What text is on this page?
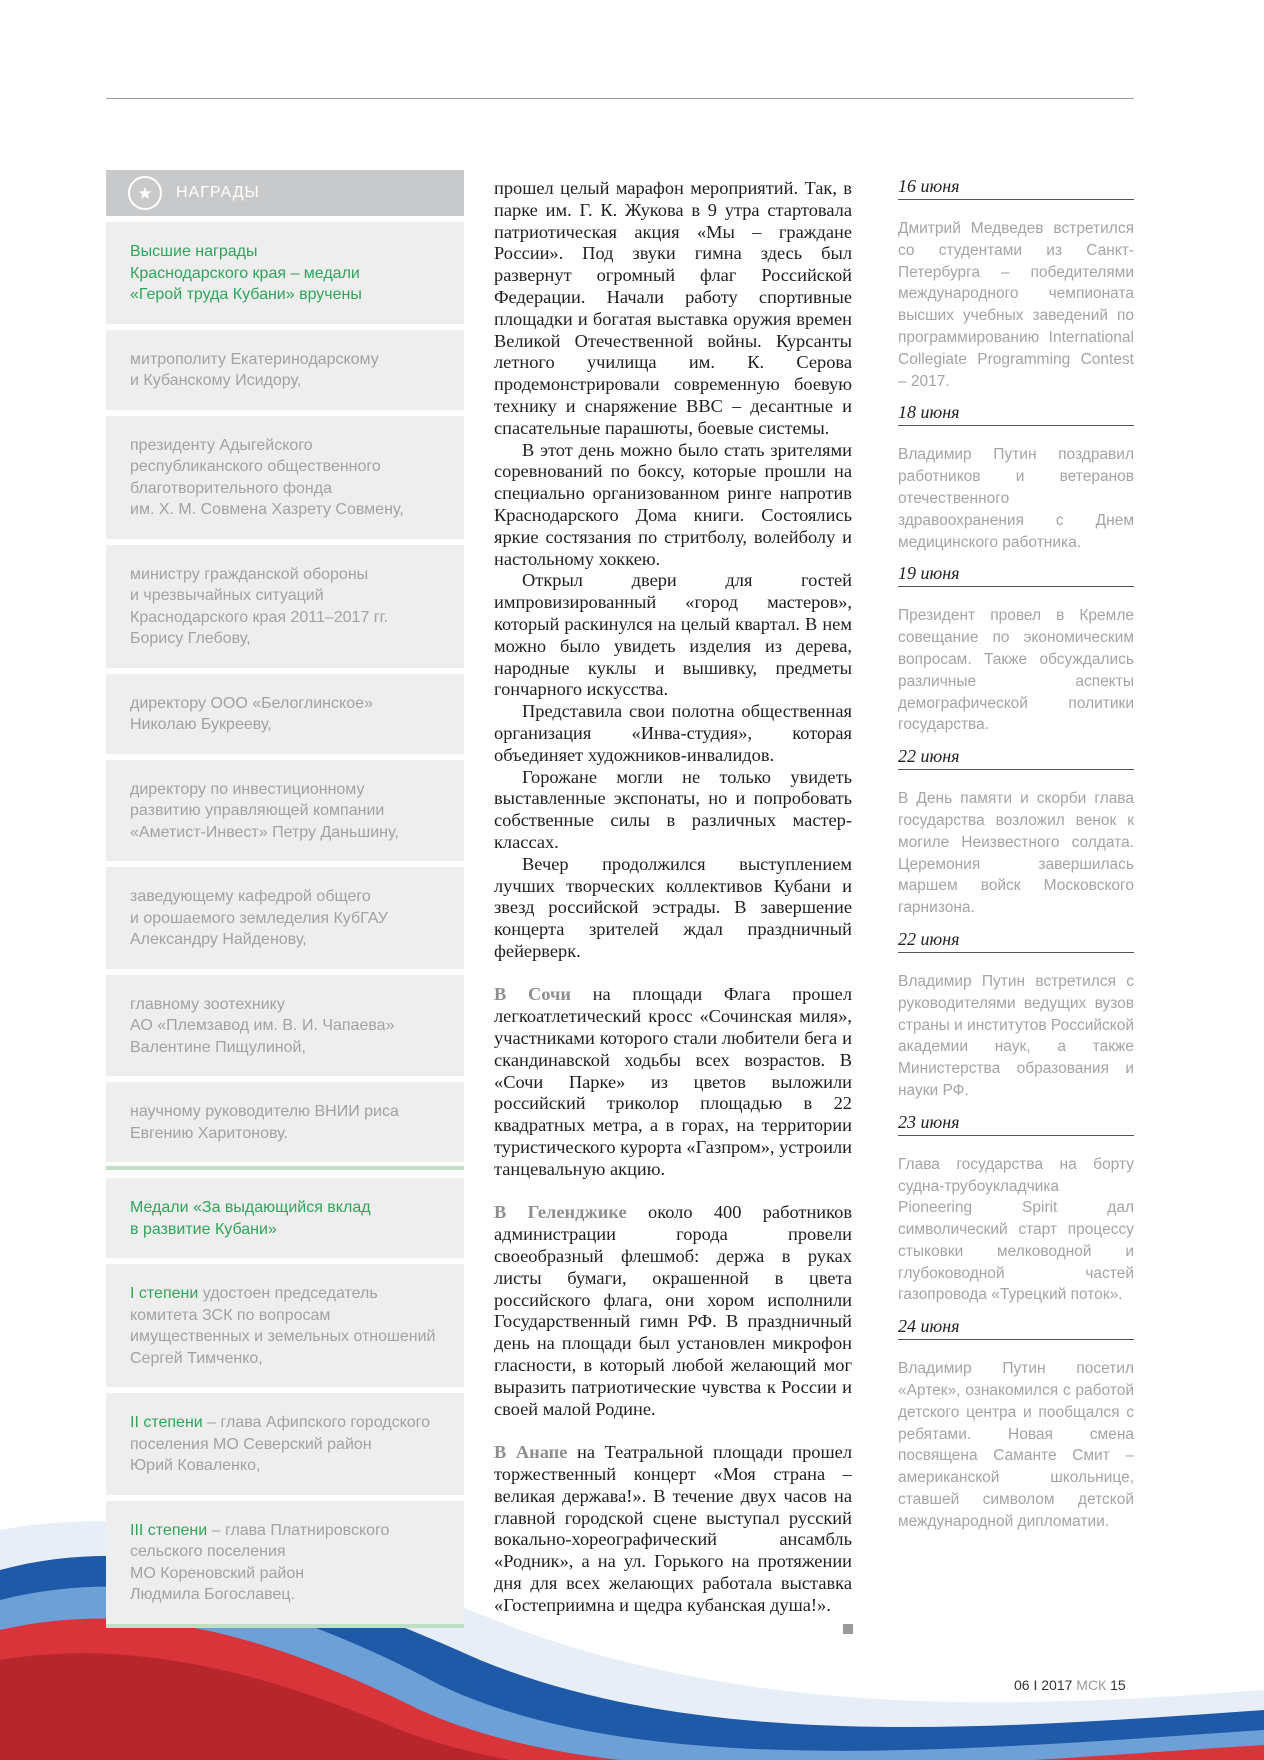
★	НАГРАДЫ
Высшие награды
Краснодарского края – медали
«Герой труда Кубани» вручены
митрополиту Екатеринодарскому
и Кубанскому Исидору,
президенту Адыгейского
республиканского общественного
благотворительного фонда
им. Х. М. Совмена Хазрету Совмену,
министру гражданской обороны
и чрезвычайных ситуаций
Краснодарского края 2011–2017 гг.
Борису Глебову,
директору ООО «Белоглинское»
Николаю Букрееву,
директору по инвестиционному
развитию управляющей компании
«Аметист-Инвест» Петру Даньшину,
заведующему кафедрой общего
и орошаемого земледелия КубГАУ
Александру Найденову,
главному зоотехнику
АО «Племзавод им. В. И. Чапаева»
Валентине Пищулиной,
научному руководителю ВНИИ риса
Евгению Харитонову.
Медали «За выдающийся вклад
в развитие Кубани»
I степени удостоен председатель
комитета ЗСК по вопросам
имущественных и земельных отношений
Сергей Тимченко,
II степени – глава Афипского городского
поселения МО Северский район
Юрий Коваленко,
III степени – глава Платнировского
сельского поселения
МО Кореновский район
Людмила Богославец.

прошел целый марафон мероприятий. Так, в парке им. Г. К. Жукова в 9 утра стартовала патриотическая акция «Мы – граждане России». Под звуки гимна здесь был развернут огромный флаг Российской Федерации. Начали работу спортивные площадки и богатая выставка оружия времен Великой Отечественной войны. Курсанты летного училища им. К. Серова продемонстрировали современную боевую технику и снаряжение ВВС – десантные и спасательные парашюты, боевые системы.

В этот день можно было стать зрителями соревнований по боксу, которые прошли на специально организованном ринге напротив Краснодарского Дома книги. Состоялись яркие состязания по стритболу, волейболу и настольному хоккею.

Открыл двери для гостей импровизированный «город мастеров», который раскинулся на целый квартал. В нем можно было увидеть изделия из дерева, народные куклы и вышивку, предметы гончарного искусства.

Представила свои полотна общественная организация «Инва-студия», которая объединяет художников-инвалидов.

Горожане могли не только увидеть выставленные экспонаты, но и попробовать собственные силы в различных мастер-классах.

Вечер продолжился выступлением лучших творческих коллективов Кубани и звезд российской эстрады. В завершение концерта зрителей ждал праздничный фейерверк.

В Сочи на площади Флага прошел легкоатлетический кросс «Сочинская миля», участниками которого стали любители бега и скандинавской ходьбы всех возрастов. В «Сочи Парке» из цветов выложили российский триколор площадью в 22 квадратных метра, а в горах, на территории туристического курорта «Газпром», устроили танцевальную акцию.

В Геленджике около 400 работников администрации города провели своеобразный флешмоб: держа в руках листы бумаги, окрашенной в цвета российского флага, они хором исполнили Государственный гимн РФ. В праздничный день на площади был установлен микрофон гласности, в который любой желающий мог выразить патриотические чувства к России и своей малой Родине.

В Анапе на Театральной площади прошел торжественный концерт «Моя страна – великая держава!». В течение двух часов на главной городской сцене выступал русский вокально-хореографический ансамбль «Родник», а на ул. Горького на протяжении дня для всех желающих работала выставка «Гостеприимна и щедра кубанская душа!».

16 июня
Дмитрий Медведев встретился со студентами из Санкт-Петербурга – победителями международного чемпионата высших учебных заведений по программированию International Collegiate Programming Contest – 2017.
18 июня
Владимир Путин поздравил работников и ветеранов отечественного здравоохранения с Днем медицинского работника.
19 июня
Президент провел в Кремле совещание по экономическим вопросам. Также обсуждались различные аспекты демографической политики государства.
22 июня
В День памяти и скорби глава государства возложил венок к могиле Неизвестного солдата. Церемония завершилась маршем войск Московского гарнизона.
22 июня
Владимир Путин встретился с руководителями ведущих вузов страны и институтов Российской академии наук, а также Министерства образования и науки РФ.
23 июня
Глава государства на борту судна-трубоукладчика Pioneering Spirit дал символический старт процессу стыковки мелководной и глубоководной частей газопровода «Турецкий поток».
24 июня
Владимир Путин посетил «Артек», ознакомился с работой детского центра и пообщался с ребятами. Новая смена посвящена Саманте Смит – американской школьнице, ставшей символом детской международной дипломатии.
06 I 2017 МСК 15
